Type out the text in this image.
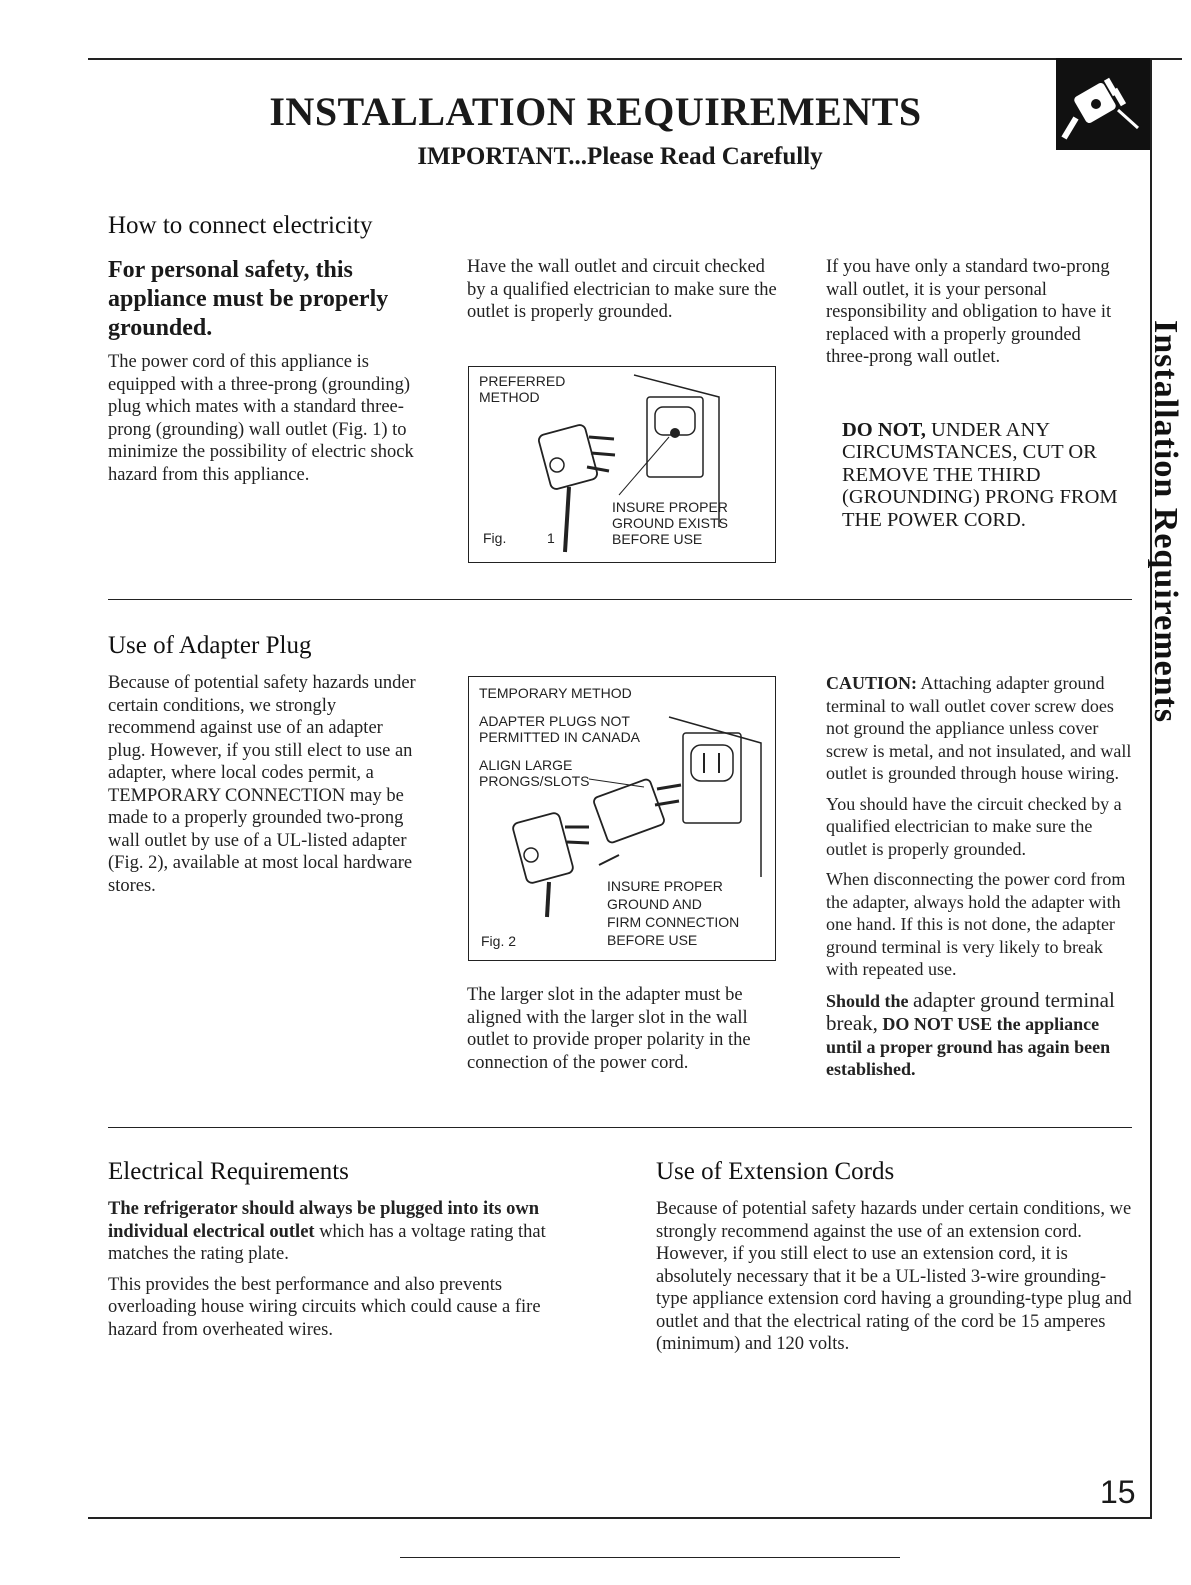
Installation Requirements
INSTALLATION REQUIREMENTS
IMPORTANT...Please Read Carefully
How to connect electricity
For personal safety, this appliance must be properly grounded.
The power cord of this appliance is equipped with a three-prong (grounding) plug which mates with a standard three-prong (grounding) wall outlet (Fig. 1) to minimize the possibility of electric shock hazard from this appliance.
Have the wall outlet and circuit checked by a qualified electrician to make sure the outlet is properly grounded.
PREFERRED
METHOD
INSURE PROPER
GROUND EXISTS
BEFORE USE
Fig.	1
If you have only a standard two-prong wall outlet, it is your personal responsibility and obligation to have it replaced with a properly grounded three-prong wall outlet.
DO NOT, UNDER ANY CIRCUMSTANCES, CUT OR REMOVE THE THIRD (GROUNDING) PRONG FROM THE POWER CORD.
Use of Adapter Plug
Because of potential safety hazards under certain conditions, we strongly recommend against use of an adapter plug. However, if you still elect to use an adapter, where local codes permit, a TEMPORARY CONNECTION may be made to a properly grounded two-prong wall outlet by use of a UL-listed adapter (Fig. 2), available at most local hardware stores.
TEMPORARY METHOD
ADAPTER PLUGS NOT
PERMITTED IN CANADA
ALIGN LARGE
PRONGS/SLOTS
INSURE PROPER
GROUND AND
FIRM CONNECTION
BEFORE USE
Fig. 2
The larger slot in the adapter must be aligned with the larger slot in the wall outlet to provide proper polarity in the connection of the power cord.

CAUTION: Attaching adapter ground terminal to wall outlet cover screw does not ground the appliance unless cover screw is metal, and not insulated, and wall outlet is grounded through house wiring.

You should have the circuit checked by a qualified electrician to make sure the outlet is properly grounded.

When disconnecting the power cord from the adapter, always hold the adapter with one hand. If this is not done, the adapter ground terminal is very likely to break with repeated use.

Should the adapter ground terminal break, DO NOT USE the appliance until a proper ground has again been established.

Electrical Requirements

The refrigerator should always be plugged into its own individual electrical outlet which has a voltage rating that matches the rating plate.

This provides the best performance and also prevents overloading house wiring circuits which could cause a fire hazard from overheated wires.

Use of Extension Cords
Because of potential safety hazards under certain conditions, we strongly recommend against the use of an extension cord. However, if you still elect to use an extension cord, it is absolutely necessary that it be a UL-listed 3-wire grounding-type appliance extension cord having a grounding-type plug and outlet and that the electrical rating of the cord be 15 amperes (minimum) and 120 volts.
15
